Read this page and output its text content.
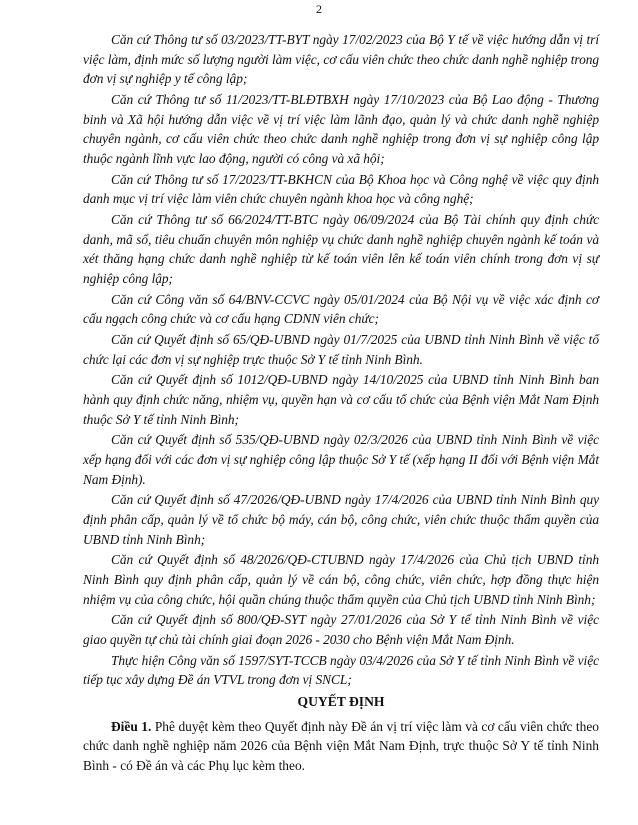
2

Căn cứ Thông tư số 03/2023/TT-BYT ngày 17/02/2023 của Bộ Y tế về việc hướng dẫn vị trí việc làm, định mức số lượng người làm việc, cơ cấu viên chức theo chức danh nghề nghiệp trong đơn vị sự nghiệp y tế công lập;

Căn cứ Thông tư số 11/2023/TT-BLĐTBXH ngày 17/10/2023 của Bộ Lao động - Thương binh và Xã hội hướng dẫn việc về vị trí việc làm lãnh đạo, quản lý và chức danh nghề nghiệp chuyên ngành, cơ cấu viên chức theo chức danh nghề nghiệp trong đơn vị sự nghiệp công lập thuộc ngành lĩnh vực lao động, người có công và xã hội;

Căn cứ Thông tư số 17/2023/TT-BKHCN của Bộ Khoa học và Công nghệ về việc quy định danh mục vị trí việc làm viên chức chuyên ngành khoa học và công nghệ;

Căn cứ Thông tư số 66/2024/TT-BTC ngày 06/09/2024 của Bộ Tài chính quy định chức danh, mã số, tiêu chuẩn chuyên môn nghiệp vụ chức danh nghề nghiệp chuyên ngành kế toán và xét thăng hạng chức danh nghề nghiệp từ kế toán viên lên kế toán viên chính trong đơn vị sự nghiệp công lập;

Căn cứ Công văn số 64/BNV-CCVC ngày 05/01/2024 của Bộ Nội vụ về việc xác định cơ cấu ngạch công chức và cơ cấu hạng CDNN viên chức;

Căn cứ Quyết định số 65/QĐ-UBND ngày 01/7/2025 của UBND tỉnh Ninh Bình về việc tổ chức lại các đơn vị sự nghiệp trực thuộc Sở Y tế tỉnh Ninh Bình.

Căn cứ Quyết định số 1012/QĐ-UBND ngày 14/10/2025 của UBND tỉnh Ninh Bình ban hành quy định chức năng, nhiệm vụ, quyền hạn và cơ cấu tổ chức của Bệnh viện Mắt Nam Định thuộc Sở Y tế tỉnh Ninh Bình;

Căn cứ Quyết định số 535/QĐ-UBND ngày 02/3/2026 của UBND tỉnh Ninh Bình về việc xếp hạng đối với các đơn vị sự nghiệp công lập thuộc Sở Y tế (xếp hạng II đối với Bệnh viện Mắt Nam Định).

Căn cứ Quyết định số 47/2026/QĐ-UBND ngày 17/4/2026 của UBND tỉnh Ninh Bình quy định phân cấp, quản lý về tổ chức bộ máy, cán bộ, công chức, viên chức thuộc thẩm quyền của UBND tỉnh Ninh Bình;

Căn cứ Quyết định số 48/2026/QĐ-CTUBND ngày 17/4/2026 của Chủ tịch UBND tỉnh Ninh Bình quy định phân cấp, quản lý về cán bộ, công chức, viên chức, hợp đồng thực hiện nhiệm vụ của công chức, hội quần chúng thuộc thẩm quyền của Chủ tịch UBND tỉnh Ninh Bình;

Căn cứ Quyết định số 800/QĐ-SYT ngày 27/01/2026 của Sở Y tế tỉnh Ninh Bình về việc giao quyền tự chủ tài chính giai đoạn 2026 - 2030 cho Bệnh viện Mắt Nam Định.

Thực hiện Công văn số 1597/SYT-TCCB ngày 03/4/2026 của Sở Y tế tỉnh Ninh Bình về việc tiếp tục xây dựng Đề án VTVL trong đơn vị SNCL;

QUYẾT ĐỊNH

Điều 1. Phê duyệt kèm theo Quyết định này Đề án vị trí việc làm và cơ cấu viên chức theo chức danh nghề nghiệp năm 2026 của Bệnh viện Mắt Nam Định, trực thuộc Sở Y tế tỉnh Ninh Bình - có Đề án và các Phụ lục kèm theo.
